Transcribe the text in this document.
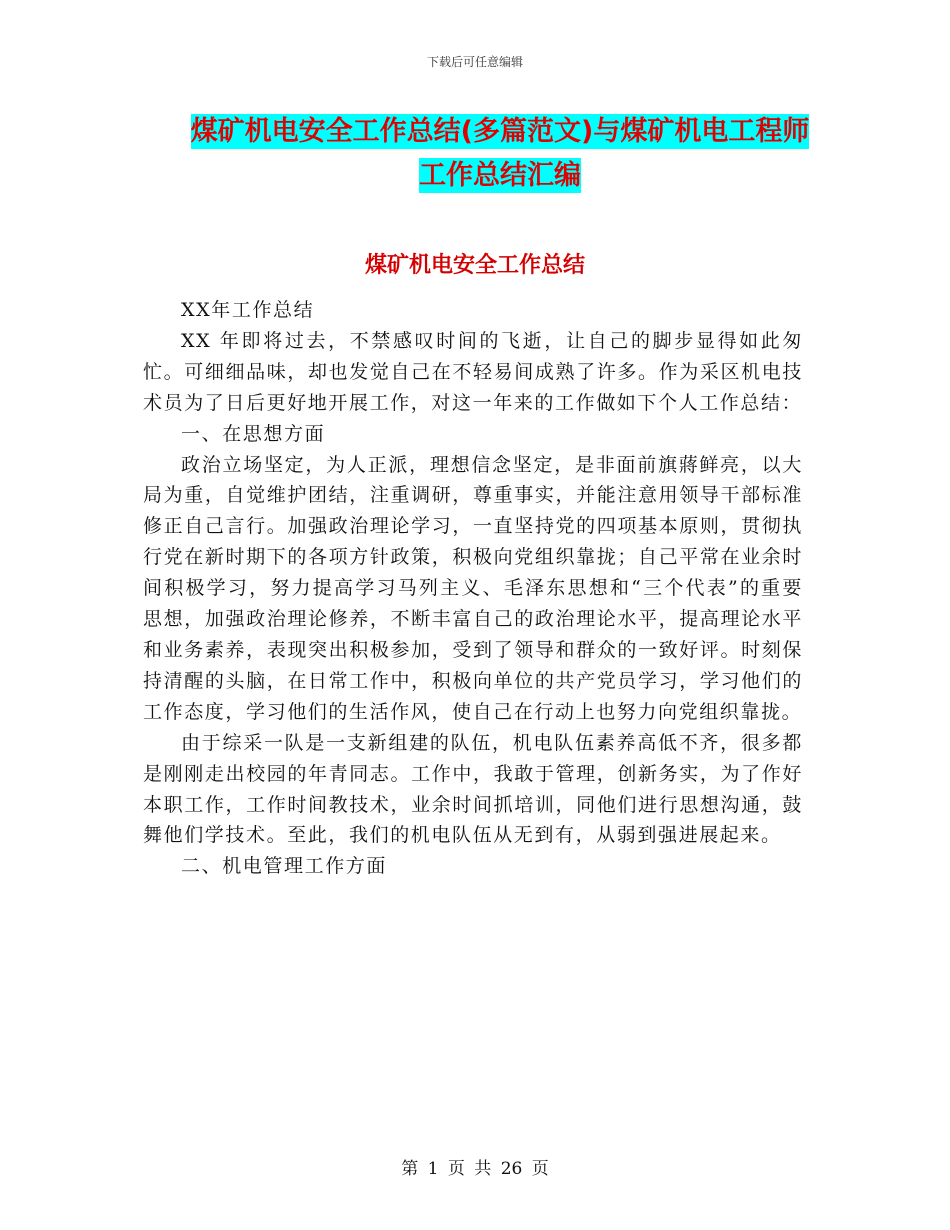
下载后可任意编辑
煤矿机电安全工作总结(多篇范文)与煤矿机电工程师
工作总结汇编
煤矿机电安全工作总结

XX年工作总结

XX 年即将过去，不禁感叹时间的飞逝，让自己的脚步显得如此匆忙。可细细品味，却也发觉自己在不轻易间成熟了许多。作为采区机电技术员为了日后更好地开展工作，对这一年来的工作做如下个人工作总结：

一、在思想方面

政治立场坚定，为人正派，理想信念坚定，是非面前旗蔣鲜亮，以大局为重，自觉维护团结，注重调研，尊重事实，并能注意用领导干部标准修正自己言行。加强政治理论学习，一直坚持党的四项基本原则，贯彻执行党在新时期下的各项方针政策，积极向党组织靠拢；自己平常在业余时间积极学习，努力提高学习马列主义、毛泽东思想和“三个代表”的重要思想，加强政治理论修养，不断丰富自己的政治理论水平，提高理论水平和业务素养，表现突出积极参加，受到了领导和群众的一致好评。时刻保持清醒的头脑，在日常工作中，积极向单位的共产党员学习，学习他们的工作态度，学习他们的生活作风，使自己在行动上也努力向党组织靠拢。

由于综采一队是一支新组建的队伍，机电队伍素养高低不齐，很多都是刚刚走出校园的年青同志。工作中，我敢于管理，创新务实，为了作好本职工作，工作时间教技术，业余时间抓培训，同他们进行思想沟通，鼓舞他们学技术。至此，我们的机电队伍从无到有，从弱到强进展起来。

二、机电管理工作方面

第 1 页 共 26 页
